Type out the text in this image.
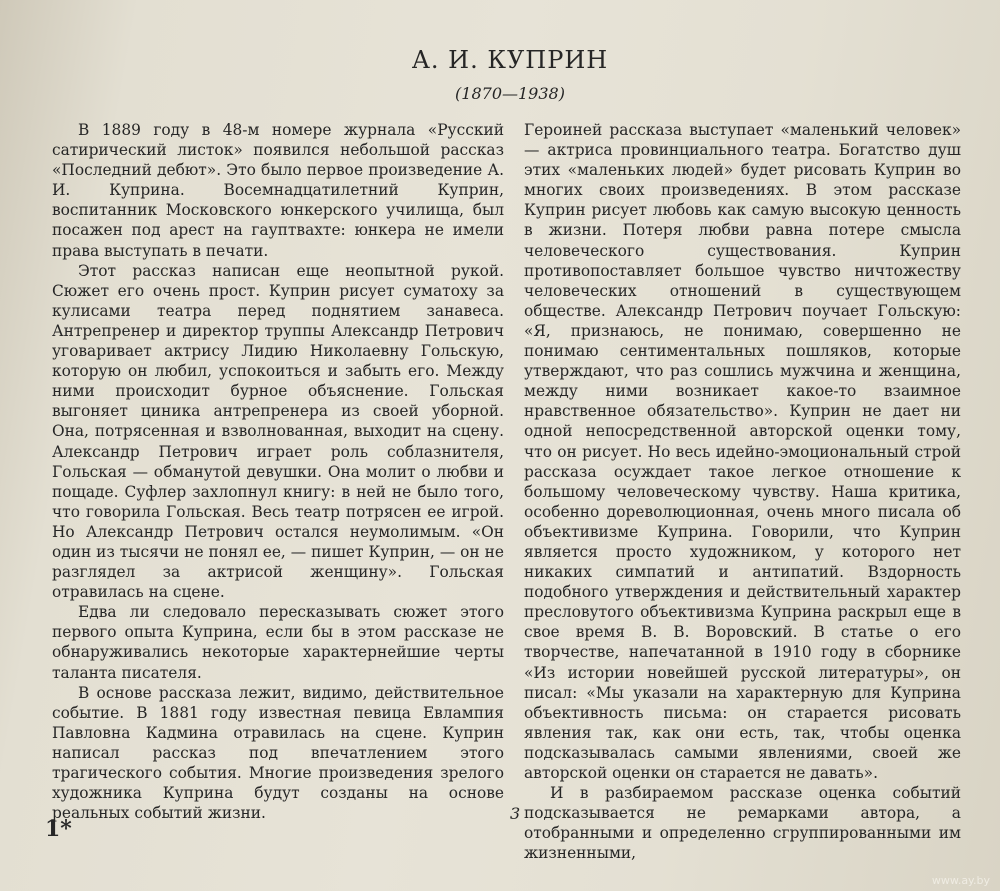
А. И. КУПРИН
(1870—1938)

В 1889 году в 48-м номере журнала «Русский сатирический листок» появился небольшой рассказ «Последний дебют». Это было первое произведение А. И. Куприна. Восемнадцатилетний Куприн, воспитанник Московского юнкерского училища, был посажен под арест на гауптвахте: юнкера не имели права выступать в печати.

Этот рассказ написан еще неопытной рукой. Сюжет его очень прост. Куприн рисует суматоху за кулисами театра перед поднятием занавеса. Антрепренер и директор труппы Александр Петрович уговаривает актрису Лидию Николаевну Гольскую, которую он любил, успокоиться и забыть его. Между ними происходит бурное объяснение. Гольская выгоняет циника антрепренера из своей уборной. Она, потрясенная и взволнованная, выходит на сцену. Александр Петрович играет роль соблазнителя, Гольская — обманутой девушки. Она молит о любви и пощаде. Суфлер захлопнул книгу: в ней не было того, что говорила Гольская. Весь театр потрясен ее игрой. Но Александр Петрович остался неумолимым. «Он один из тысячи не понял ее, — пишет Куприн, — он не разглядел за актрисой женщину». Гольская отравилась на сцене.

Едва ли следовало пересказывать сюжет этого первого опыта Куприна, если бы в этом рассказе не обнаруживались некоторые характернейшие черты таланта писателя.

В основе рассказа лежит, видимо, действительное событие. В 1881 году известная певица Евлампия Павловна Кадмина отравилась на сцене. Куприн написал рассказ под впечатлением этого трагического события. Многие произведения зрелого художника Куприна будут созданы на основе реальных событий жизни.

Героиней рассказа выступает «маленький человек» — актриса провинциального театра. Богатство душ этих «маленьких людей» будет рисовать Куприн во многих своих произведениях. В этом рассказе Куприн рисует любовь как самую высокую ценность в жизни. Потеря любви равна потере смысла человеческого существования. Куприн противопоставляет большое чувство ничтожеству человеческих отношений в существующем обществе. Александр Петрович поучает Гольскую: «Я, признаюсь, не понимаю, совершенно не понимаю сентиментальных пошляков, которые утверждают, что раз сошлись мужчина и женщина, между ними возникает какое-то взаимное нравственное обязательство». Куприн не дает ни одной непосредственной авторской оценки тому, что он рисует. Но весь идейно-эмоциональный строй рассказа осуждает такое легкое отношение к большому человеческому чувству. Наша критика, особенно дореволюционная, очень много писала об объективизме Куприна. Говорили, что Куприн является просто художником, у которого нет никаких симпатий и антипатий. Вздорность подобного утверждения и действительный характер пресловутого объективизма Куприна раскрыл еще в свое время В. В. Воровский. В статье о его творчестве, напечатанной в 1910 году в сборнике «Из истории новейшей русской литературы», он писал: «Мы указали на характерную для Куприна объективность письма: он старается рисовать явления так, как они есть, так, чтобы оценка подсказывалась самыми явлениями, своей же авторской оценки он старается не давать».

И в разбираемом рассказе оценка событий подсказывается не ремарками автора, а отобранными и определенно сгруппированными им жизненными,

3
1*
www.ay.by
